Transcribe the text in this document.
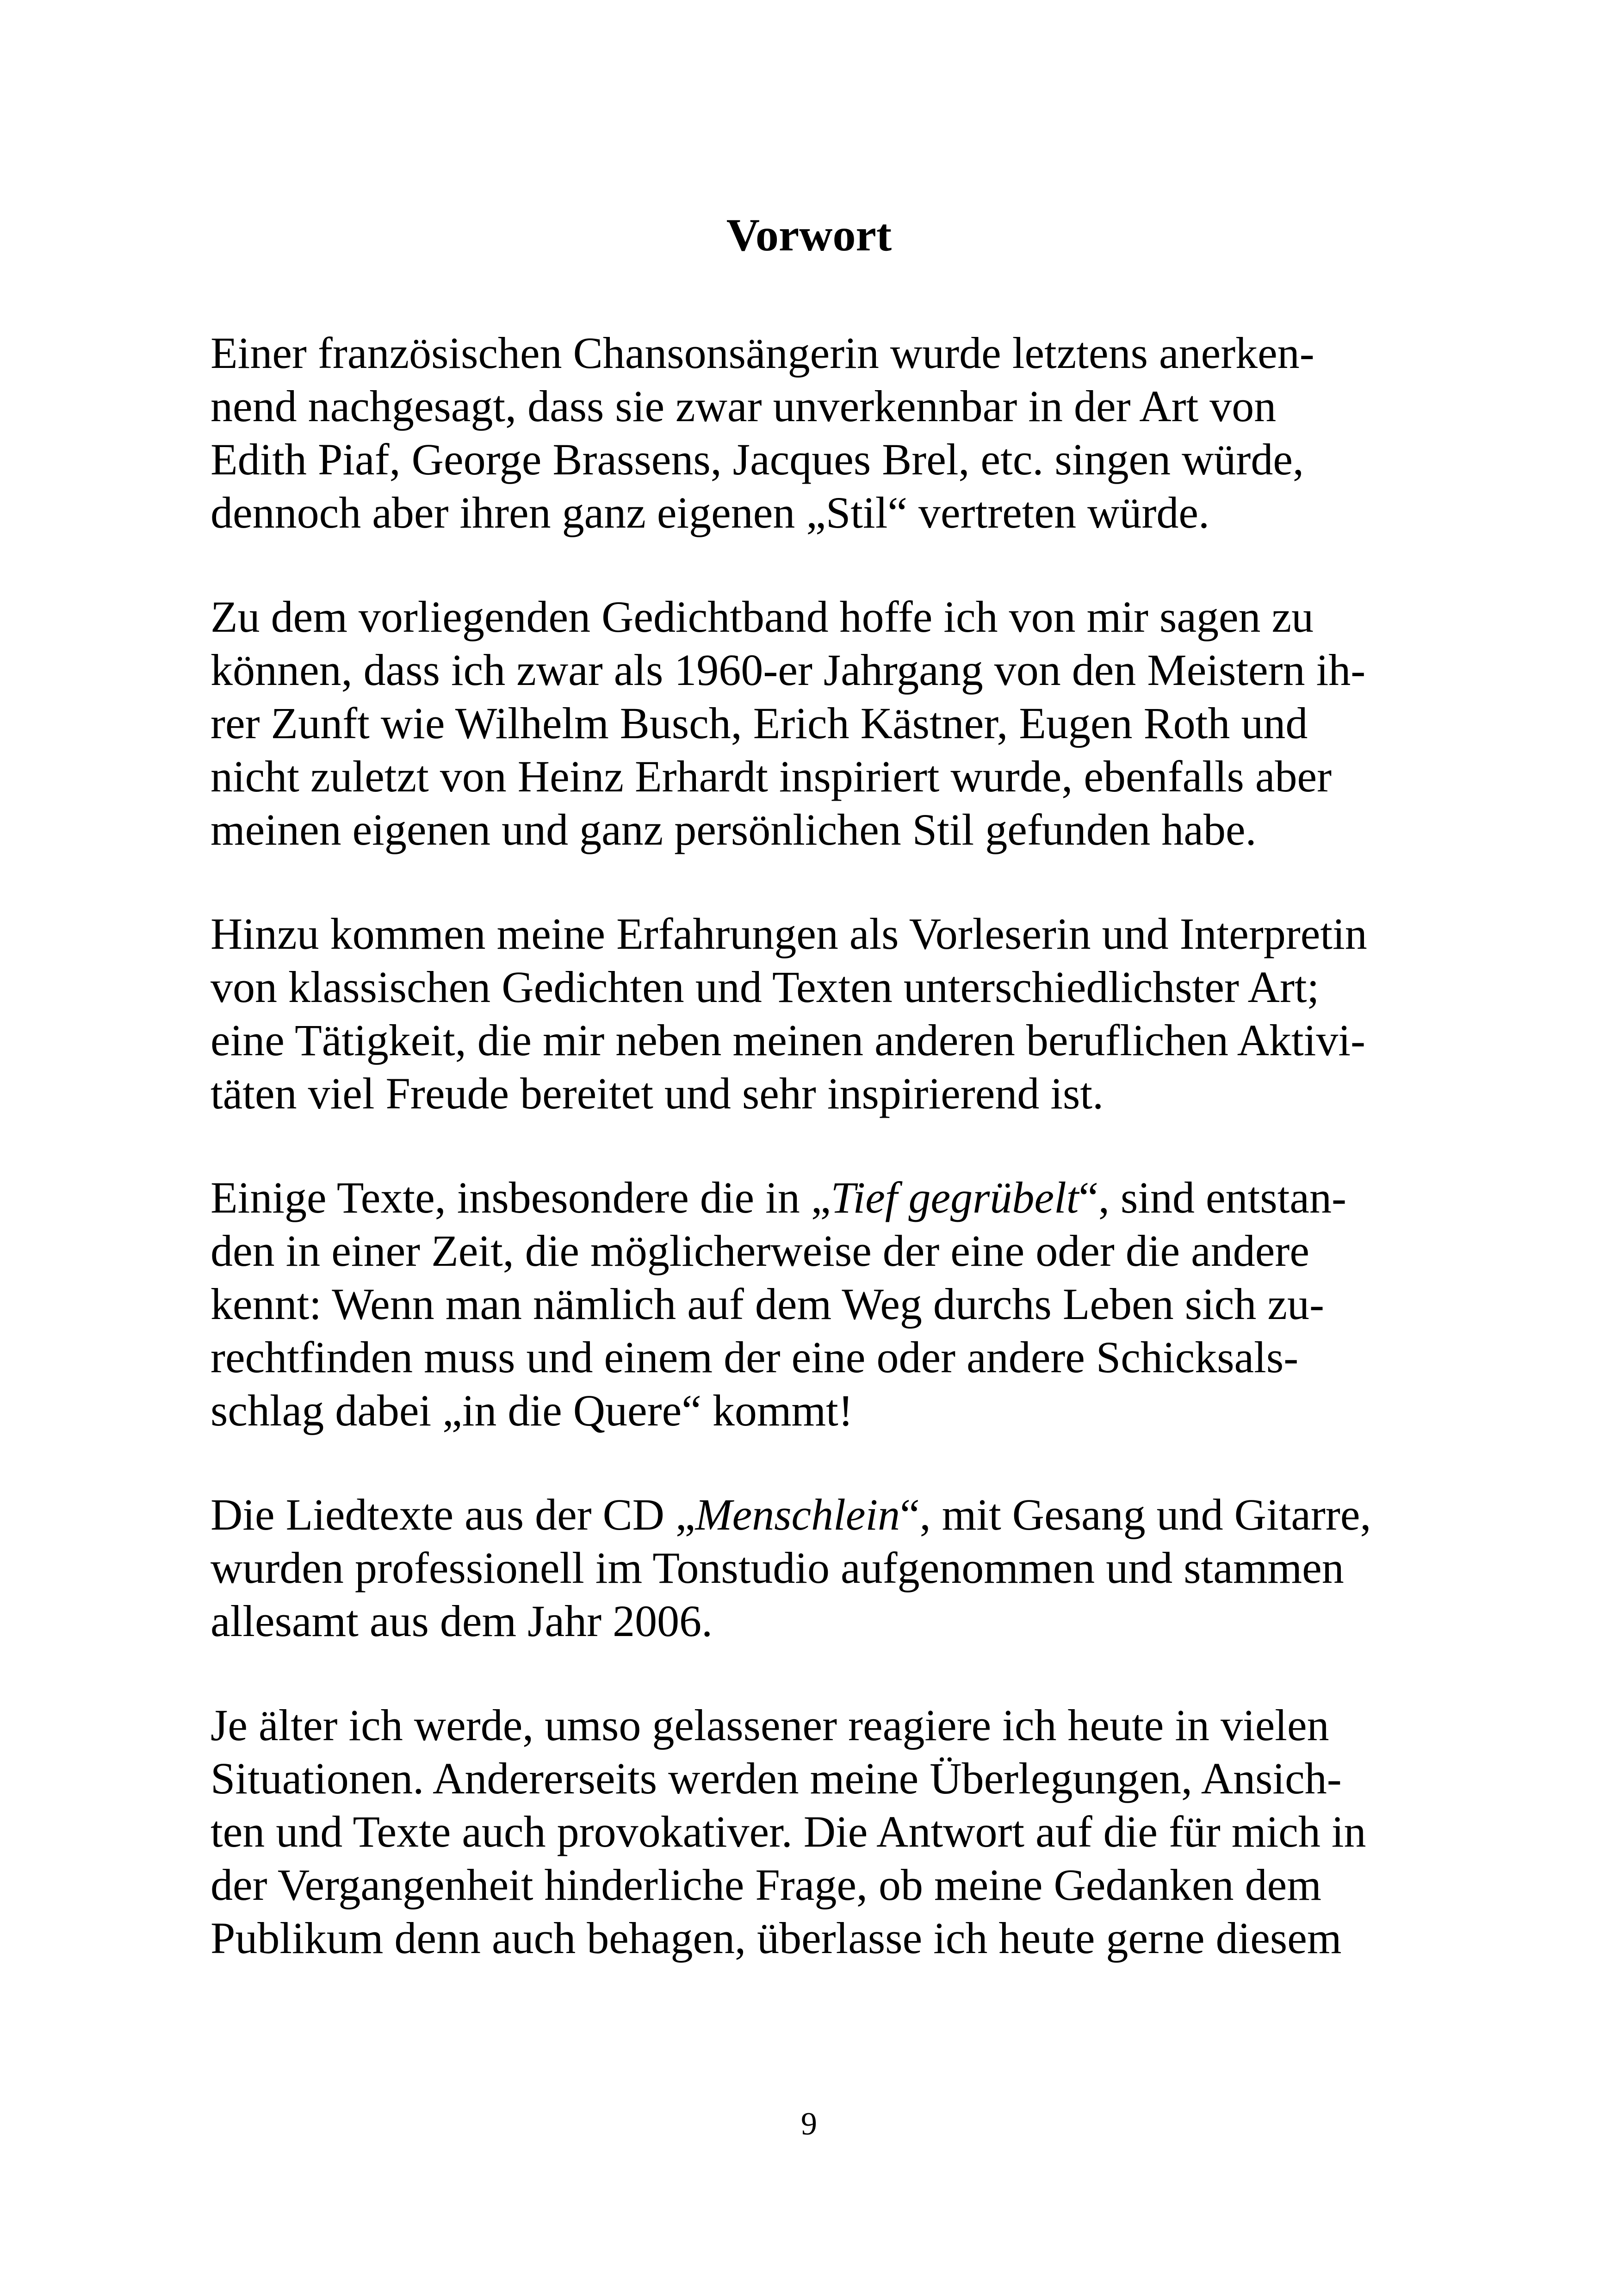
Vorwort

Einer französischen Chansonsängerin wurde letztens anerken-
nend nachgesagt, dass sie zwar unverkennbar in der Art von
Edith Piaf, George Brassens, Jacques Brel, etc. singen würde,
dennoch aber ihren ganz eigenen „Stil“ vertreten würde.

Zu dem vorliegenden Gedichtband hoffe ich von mir sagen zu
können, dass ich zwar als 1960-er Jahrgang von den Meistern ih-
rer Zunft wie Wilhelm Busch, Erich Kästner, Eugen Roth und
nicht zuletzt von Heinz Erhardt inspiriert wurde, ebenfalls aber
meinen eigenen und ganz persönlichen Stil gefunden habe.

Hinzu kommen meine Erfahrungen als Vorleserin und Interpretin
von klassischen Gedichten und Texten unterschiedlichster Art;
eine Tätigkeit, die mir neben meinen anderen beruflichen Aktivi-
täten viel Freude bereitet und sehr inspirierend ist.

Einige Texte, insbesondere die in „Tief gegrübelt“, sind entstan-
den in einer Zeit, die möglicherweise der eine oder die andere
kennt: Wenn man nämlich auf dem Weg durchs Leben sich zu-
rechtfinden muss und einem der eine oder andere Schicksals-
schlag dabei „in die Quere“ kommt!

Die Liedtexte aus der CD „Menschlein“, mit Gesang und Gitarre,
wurden professionell im Tonstudio aufgenommen und stammen
allesamt aus dem Jahr 2006.

Je älter ich werde, umso gelassener reagiere ich heute in vielen
Situationen. Andererseits werden meine Überlegungen, Ansich-
ten und Texte auch provokativer. Die Antwort auf die für mich in
der Vergangenheit hinderliche Frage, ob meine Gedanken dem
Publikum denn auch behagen, überlasse ich heute gerne diesem

9
